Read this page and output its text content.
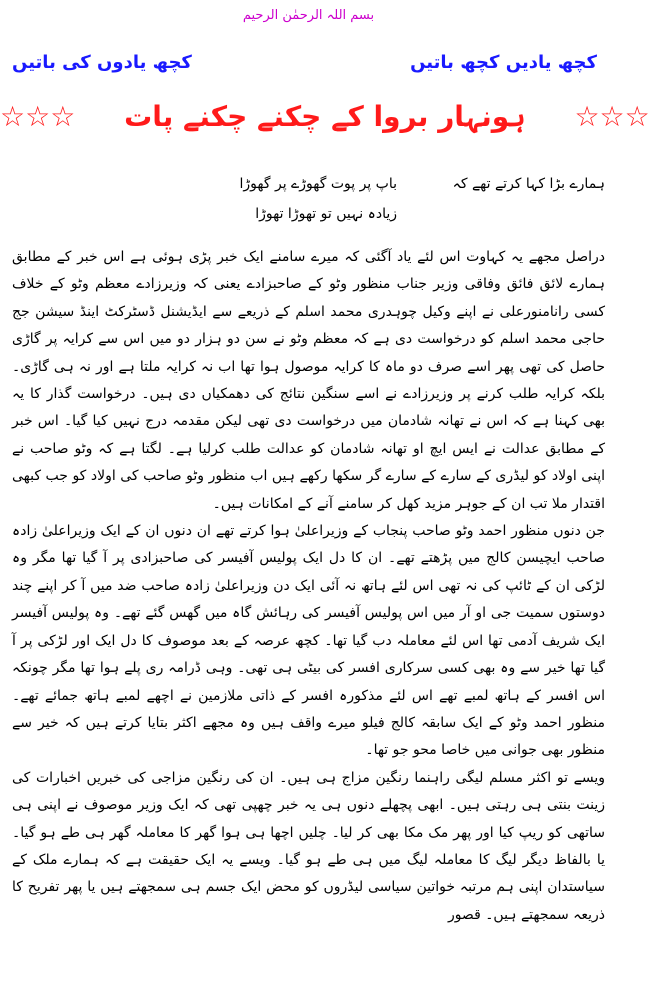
بسم اللہ الرحمٰن الرحیم
کچھ یادیں کچھ باتیں
کچھ یادوں کی باتیں
☆☆☆ ہونہار بروا کے چکنے چکنے پات ☆☆☆
ہمارے بڑا کہا کرتے تھے کہ
باپ پر پوت گھوڑے پر گھوڑا
زیادہ نہیں تو تھوڑا تھوڑا

دراصل مجھے یہ کہاوت اس لئے یاد آگئی کہ میرے سامنے ایک خبر پڑی ہوئی ہے اس خبر کے مطابق ہمارے لائق فائق وفاقی وزیر جناب منظور وٹو کے صاحبزادے یعنی کہ وزیرزادے معظم وٹو کے خلاف کسی رانامنورعلی نے اپنے وکیل چوہدری محمد اسلم کے ذریعے سے ایڈیشنل ڈسٹرکٹ اینڈ سیشن جج حاجی محمد اسلم کو درخواست دی ہے کہ معظم وٹو نے سن دو ہزار دو میں اس سے کرایہ پر گاڑی حاصل کی تھی پھر اسے صرف دو ماہ کا کرایہ موصول ہوا تھا اب نہ کرایہ ملتا ہے اور نہ ہی گاڑی۔ بلکہ کرایہ طلب کرنے پر وزیرزادے نے اسے سنگین نتائج کی دھمکیاں دی ہیں۔ درخواست گذار کا یہ بھی کہنا ہے کہ اس نے تھانہ شادمان میں درخواست دی تھی لیکن مقدمہ درج نہیں کیا گیا۔ اس خبر کے مطابق عدالت نے ایس ایچ او تھانہ شادمان کو عدالت طلب کرلیا ہے۔ لگتا ہے کہ وٹو صاحب نے اپنی اولاد کو لیڈری کے سارے کے سارے گر سکھا رکھے ہیں اب منظور وٹو صاحب کی اولاد کو جب کبھی اقتدار ملا تب ان کے جوہر مزید کھل کر سامنے آنے کے امکانات ہیں۔

جن دنوں منظور احمد وٹو صاحب پنجاب کے وزیراعلیٰ ہوا کرتے تھے ان دنوں ان کے ایک وزیراعلیٰ زادہ صاحب ایچیسن کالج میں پڑھتے تھے۔ ان کا دل ایک پولیس آفیسر کی صاحبزادی پر آ گیا تھا مگر وہ لڑکی ان کے ٹائپ کی نہ تھی اس لئے ہاتھ نہ آئی ایک دن وزیراعلیٰ زادہ صاحب ضد میں آ کر اپنے چند دوستوں سمیت جی او آر میں اس پولیس آفیسر کی رہائش گاہ میں گھس گئے تھے۔ وہ پولیس آفیسر ایک شریف آدمی تھا اس لئے معاملہ دب گیا تھا۔ کچھ عرصہ کے بعد موصوف کا دل ایک اور لڑکی پر آ گیا تھا خیر سے وہ بھی کسی سرکاری افسر کی بیٹی ہی تھی۔ وہی ڈرامہ ری پلے ہوا تھا مگر چونکہ اس افسر کے ہاتھ لمبے تھے اس لئے مذکورہ افسر کے ذاتی ملازمین نے اچھے لمبے ہاتھ جمائے تھے۔ منظور احمد وٹو کے ایک سابقہ کالج فیلو میرے واقف ہیں وہ مجھے اکثر بتایا کرتے ہیں کہ خیر سے منظور بھی جوانی میں خاصا محو جو تھا۔

ویسے تو اکثر مسلم لیگی راہنما رنگین مزاج ہی ہیں۔ ان کی رنگین مزاجی کی خبریں اخبارات کی زینت بنتی ہی رہتی ہیں۔ ابھی پچھلے دنوں ہی یہ خبر چھپی تھی کہ ایک وزیر موصوف نے اپنی ہی ساتھی کو ریپ کیا اور پھر مک مکا بھی کر لیا۔ چلیں اچھا ہی ہوا گھر کا معاملہ گھر ہی طے ہو گیا۔ یا بالفاظ دیگر لیگ کا معاملہ لیگ میں ہی طے ہو گیا۔ ویسے یہ ایک حقیقت ہے کہ ہمارے ملک کے سیاستدان اپنی ہم مرتبہ خواتین سیاسی لیڈروں کو محض ایک جسم ہی سمجھتے ہیں یا پھر تفریح کا ذریعہ سمجھتے ہیں۔ قصور
